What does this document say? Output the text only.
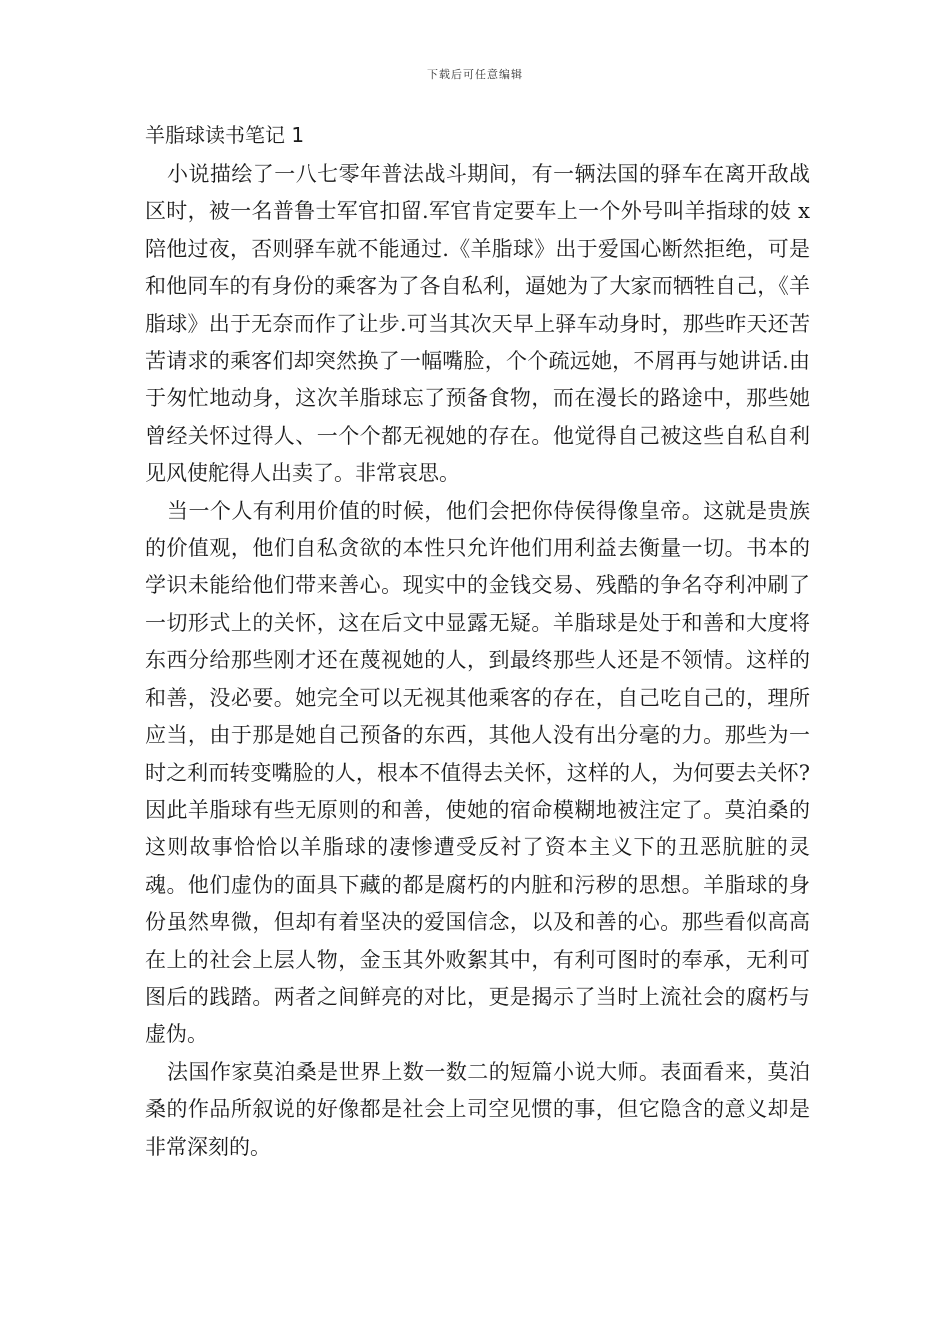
下载后可任意编辑
羊脂球读书笔记 1

小说描绘了一八七零年普法战斗期间，有一辆法国的驿车在离开敌战区时，被一名普鲁士军官扣留.军官肯定要车上一个外号叫羊指球的妓 x 陪他过夜，否则驿车就不能通过.《羊脂球》出于爱国心断然拒绝，可是和他同车的有身份的乘客为了各自私利，逼她为了大家而牺牲自己，《羊脂球》出于无奈而作了让步.可当其次天早上驿车动身时，那些昨天还苦苦请求的乘客们却突然换了一幅嘴脸，个个疏远她，不屑再与她讲话.由于匆忙地动身，这次羊脂球忘了预备食物，而在漫长的路途中，那些她曾经关怀过得人、一个个都无视她的存在。他觉得自己被这些自私自利见风使舵得人出卖了。非常哀思。

当一个人有利用价值的时候，他们会把你侍侯得像皇帝。这就是贵族的价值观，他们自私贪欲的本性只允许他们用利益去衡量一切。书本的学识未能给他们带来善心。现实中的金钱交易、残酷的争名夺利冲刷了一切形式上的关怀，这在后文中显露无疑。羊脂球是处于和善和大度将东西分给那些刚才还在蔑视她的人，到最终那些人还是不领情。这样的和善，没必要。她完全可以无视其他乘客的存在，自己吃自己的，理所应当，由于那是她自己预备的东西，其他人没有出分毫的力。那些为一时之利而转变嘴脸的人，根本不值得去关怀，这样的人，为何要去关怀?因此羊脂球有些无原则的和善，使她的宿命模糊地被注定了。莫泊桑的这则故事恰恰以羊脂球的凄惨遭受反衬了资本主义下的丑恶肮脏的灵魂。他们虚伪的面具下藏的都是腐朽的内脏和污秽的思想。羊脂球的身份虽然卑微，但却有着坚决的爱国信念，以及和善的心。那些看似高高在上的社会上层人物，金玉其外败絮其中，有利可图时的奉承，无利可图后的践踏。两者之间鲜亮的对比，更是揭示了当时上流社会的腐朽与虚伪。

法国作家莫泊桑是世界上数一数二的短篇小说大师。表面看来，莫泊桑的作品所叙说的好像都是社会上司空见惯的事，但它隐含的意义却是非常深刻的。
